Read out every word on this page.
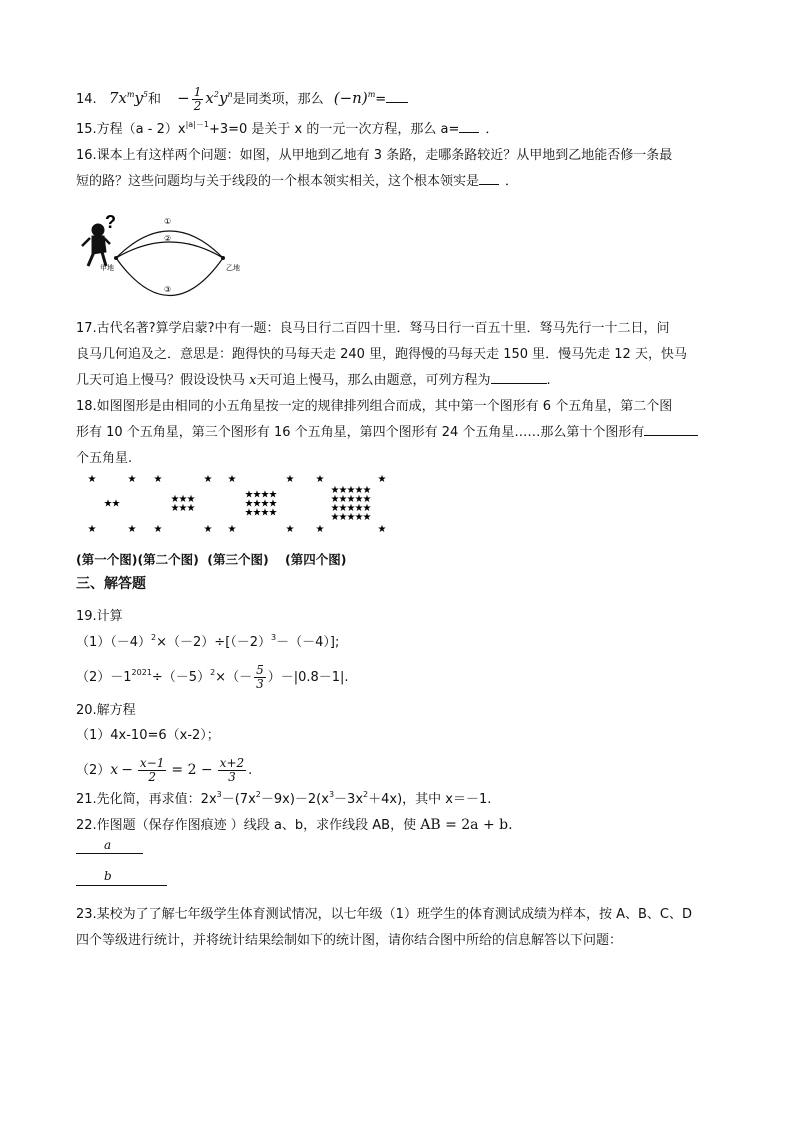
14. $7x^my^5$和 − $\frac{1}{2} x^2y^n$是同类项，那么 $(-n)^m=$
15.方程$(a - 2)x^{|a|-1}+3=0$ 是关于 x 的一元一次方程，那么 a= ．
16.课本上有这样两个问题：如图，从甲地到乙地有 3 条路，走哪条路较近？从甲地到乙地能否修一条最
短的路？这些问题均与关于线段的一个根本领实相关，这个根本领实是 ．
?	①
②
③
甲地	乙地
17.古代名著?算学启蒙?中有一题：良马日行二百四十里．驽马日行一百五十里．驽马先行一十二日，问
良马几何追及之．意思是：跑得快的马每天走 240 里，跑得慢的马每天走 150 里．慢马先走 12 天，快马
几天可追上慢马？假设设快马 x天可追上慢马，那么由题意，可列方程为	.
18.如图图形是由相同的小五角星按一定的规律排列组合而成，其中第一个图形有 6 个五角星，第二个图
形有 10 个五角星，第三个图形有 16 个五角星，第四个图形有 24 个五角星……那么第十个图形有
个五角星.
★	★
★	★
★ ★
★	★
★	★
★ ★ ★
★ ★ ★
★	★
★	★
★ ★ ★ ★
★ ★ ★ ★
★ ★ ★ ★
★	★
★	★
★ ★ ★ ★ ★
★ ★ ★ ★ ★
★ ★ ★ ★ ★
★ ★ ★ ★ ★
(第一个图)(第二个图) (第三个图) (第四个图)
三、解答题
19.计算
$(1)(-4)^2\times(-2)\div[(-2)^3-(-4)]$;
$(2)-1^{2021}\div(-5)^2\times(- \frac{5}{3} )-|0.8-1|$.
20.解方程
（1）4x-10=6（x-2）；
$(2)x - \frac{x-1}{2} = 2 - \frac{x+2}{3}$ .
21.先化简，再求值：$2x^3-(7x^2-9x)-2(x^3-3x^2+4x)$，其中 x＝－1.
22.作图题（保存作图痕迹 ）线段 a、b，求作线段 AB，使 AB = 2a + b.
a
b
23.某校为了了解七年级学生体育测试情况，以七年级（1）班学生的体育测试成绩为样本，按 A、B、C、D
四个等级进行统计，并将统计结果绘制如下的统计图，请你结合图中所给的信息解答以下问题：
